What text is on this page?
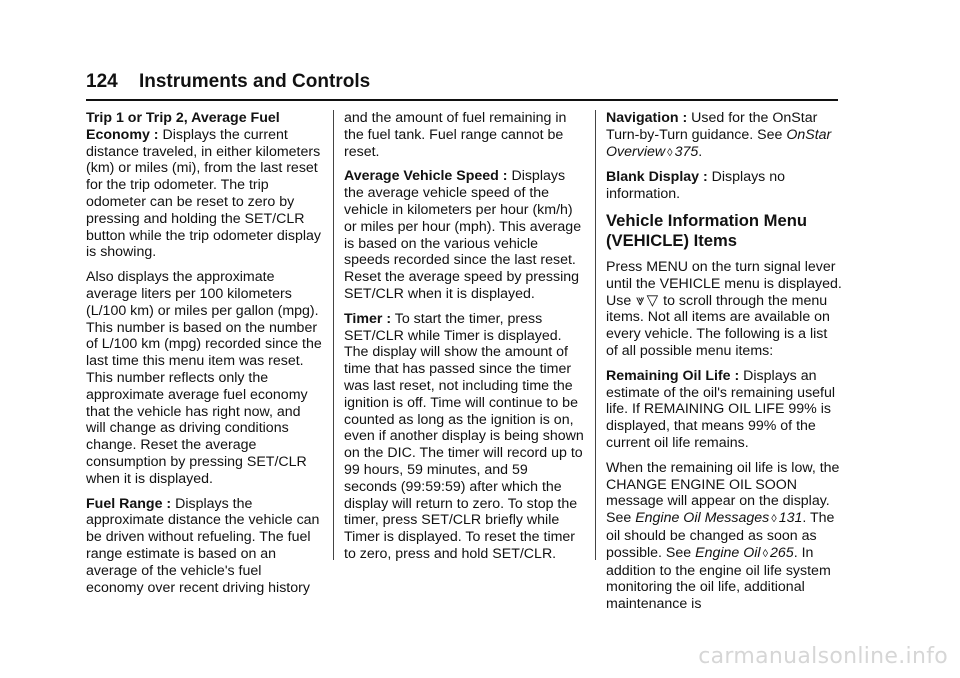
124 Instruments and Controls

Trip 1 or Trip 2, Average Fuel Economy : Displays the current distance traveled, in either kilometers (km) or miles (mi), from the last reset for the trip odometer. The trip odometer can be reset to zero by pressing and holding the SET/CLR button while the trip odometer display is showing.

Also displays the approximate average liters per 100 kilometers (L/100 km) or miles per gallon (mpg). This number is based on the number of L/100 km (mpg) recorded since the last time this menu item was reset. This number reflects only the approximate average fuel economy that the vehicle has right now, and will change as driving conditions change. Reset the average consumption by pressing SET/CLR when it is displayed.

Fuel Range : Displays the approximate distance the vehicle can be driven without refueling. The fuel range estimate is based on an average of the vehicle's fuel economy over recent driving history

and the amount of fuel remaining in the fuel tank. Fuel range cannot be reset.

Average Vehicle Speed : Displays the average vehicle speed of the vehicle in kilometers per hour (km/h) or miles per hour (mph). This average is based on the various vehicle speeds recorded since the last reset. Reset the average speed by pressing SET/CLR when it is displayed.

Timer : To start the timer, press SET/CLR while Timer is displayed. The display will show the amount of time that has passed since the timer was last reset, not including time the ignition is off. Time will continue to be counted as long as the ignition is on, even if another display is being shown on the DIC. The timer will record up to 99 hours, 59 minutes, and 59 seconds (99:59:59) after which the display will return to zero. To stop the timer, press SET/CLR briefly while Timer is displayed. To reset the timer to zero, press and hold SET/CLR.

Navigation : Used for the OnStar Turn-by-Turn guidance. See OnStar Overview ◊ 375.

Blank Display : Displays no information.

Vehicle Information Menu (VEHICLE) Items

Press MENU on the turn signal lever until the VEHICLE menu is displayed. Use ⩔ ▽ to scroll through the menu items. Not all items are available on every vehicle. The following is a list of all possible menu items:

Remaining Oil Life : Displays an estimate of the oil's remaining useful life. If REMAINING OIL LIFE 99% is displayed, that means 99% of the current oil life remains.

When the remaining oil life is low, the CHANGE ENGINE OIL SOON message will appear on the display. See Engine Oil Messages ◊ 131. The oil should be changed as soon as possible. See Engine Oil ◊ 265. In addition to the engine oil life system monitoring the oil life, additional maintenance is

carmanualsonline.info
